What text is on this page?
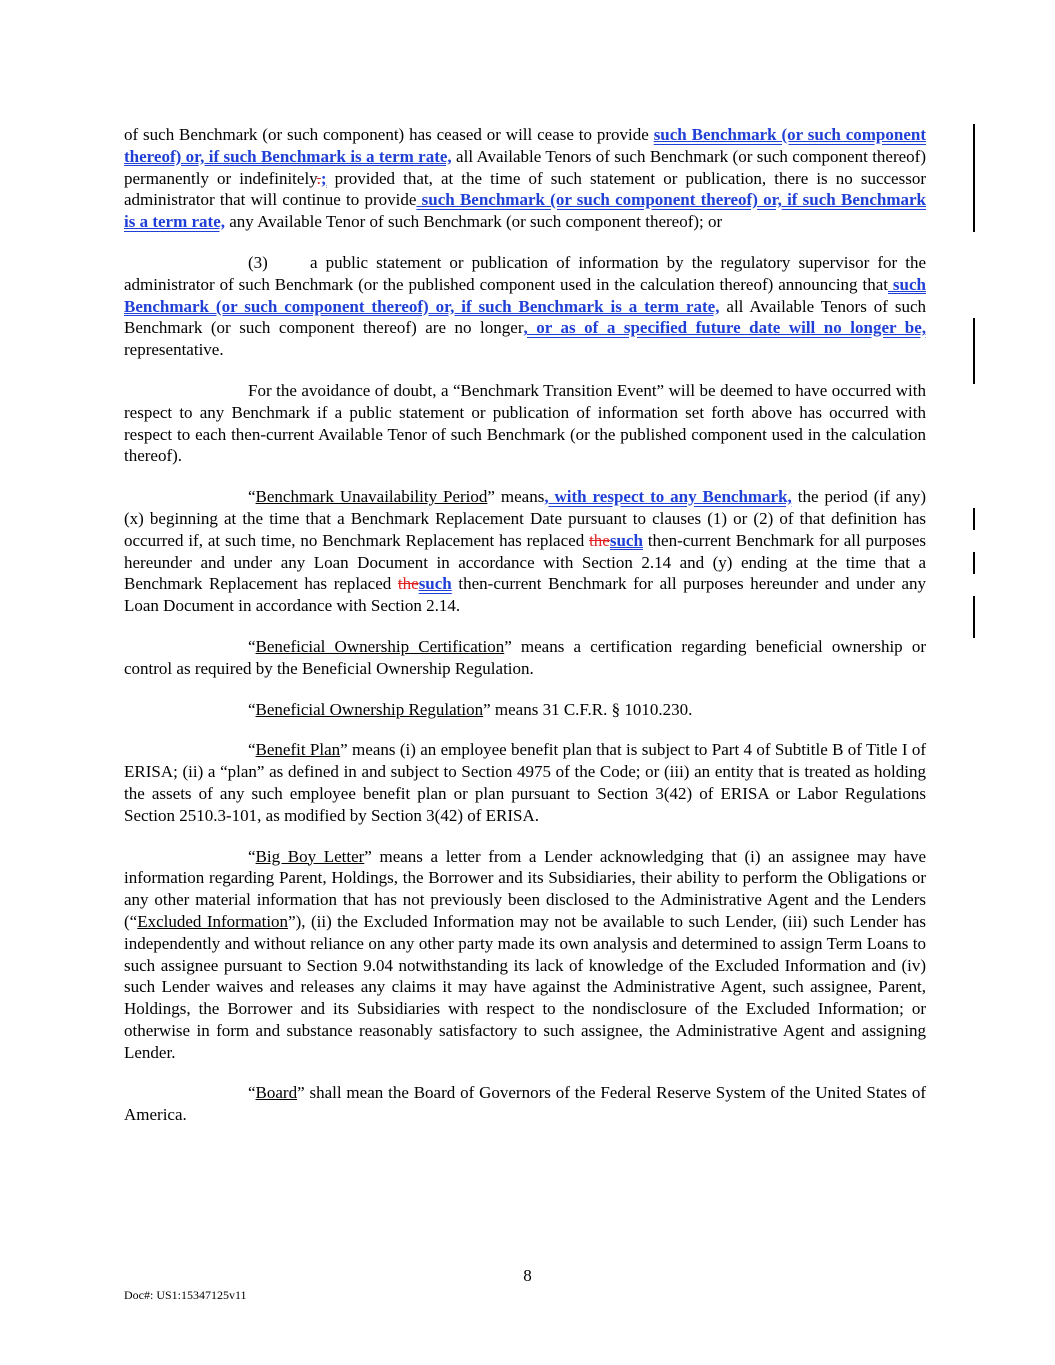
of such Benchmark (or such component) has ceased or will cease to provide such Benchmark (or such component thereof) or, if such Benchmark is a term rate, all Available Tenors of such Benchmark (or such component thereof) permanently or indefinitely.; provided that, at the time of such statement or publication, there is no successor administrator that will continue to provide such Benchmark (or such component thereof) or, if such Benchmark is a term rate, any Available Tenor of such Benchmark (or such component thereof); or

(3) a public statement or publication of information by the regulatory supervisor for the administrator of such Benchmark (or the published component used in the calculation thereof) announcing that such Benchmark (or such component thereof) or, if such Benchmark is a term rate, all Available Tenors of such Benchmark (or such component thereof) are no longer, or as of a specified future date will no longer be, representative.

For the avoidance of doubt, a “Benchmark Transition Event” will be deemed to have occurred with respect to any Benchmark if a public statement or publication of information set forth above has occurred with respect to each then-current Available Tenor of such Benchmark (or the published component used in the calculation thereof).

“Benchmark Unavailability Period” means, with respect to any Benchmark, the period (if any) (x) beginning at the time that a Benchmark Replacement Date pursuant to clauses (1) or (2) of that definition has occurred if, at such time, no Benchmark Replacement has replaced thesuch then-current Benchmark for all purposes hereunder and under any Loan Document in accordance with Section 2.14 and (y) ending at the time that a Benchmark Replacement has replaced thesuch then-current Benchmark for all purposes hereunder and under any Loan Document in accordance with Section 2.14.

“Beneficial Ownership Certification” means a certification regarding beneficial ownership or control as required by the Beneficial Ownership Regulation.

“Beneficial Ownership Regulation” means 31 C.F.R. § 1010.230.

“Benefit Plan” means (i) an employee benefit plan that is subject to Part 4 of Subtitle B of Title I of ERISA; (ii) a “plan” as defined in and subject to Section 4975 of the Code; or (iii) an entity that is treated as holding the assets of any such employee benefit plan or plan pursuant to Section 3(42) of ERISA or Labor Regulations Section 2510.3-101, as modified by Section 3(42) of ERISA.

“Big Boy Letter” means a letter from a Lender acknowledging that (i) an assignee may have information regarding Parent, Holdings, the Borrower and its Subsidiaries, their ability to perform the Obligations or any other material information that has not previously been disclosed to the Administrative Agent and the Lenders (“Excluded Information”), (ii) the Excluded Information may not be available to such Lender, (iii) such Lender has independently and without reliance on any other party made its own analysis and determined to assign Term Loans to such assignee pursuant to Section 9.04 notwithstanding its lack of knowledge of the Excluded Information and (iv) such Lender waives and releases any claims it may have against the Administrative Agent, such assignee, Parent, Holdings, the Borrower and its Subsidiaries with respect to the nondisclosure of the Excluded Information; or otherwise in form and substance reasonably satisfactory to such assignee, the Administrative Agent and assigning Lender.

“Board” shall mean the Board of Governors of the Federal Reserve System of the United States of America.

8
Doc#: US1:15347125v11
